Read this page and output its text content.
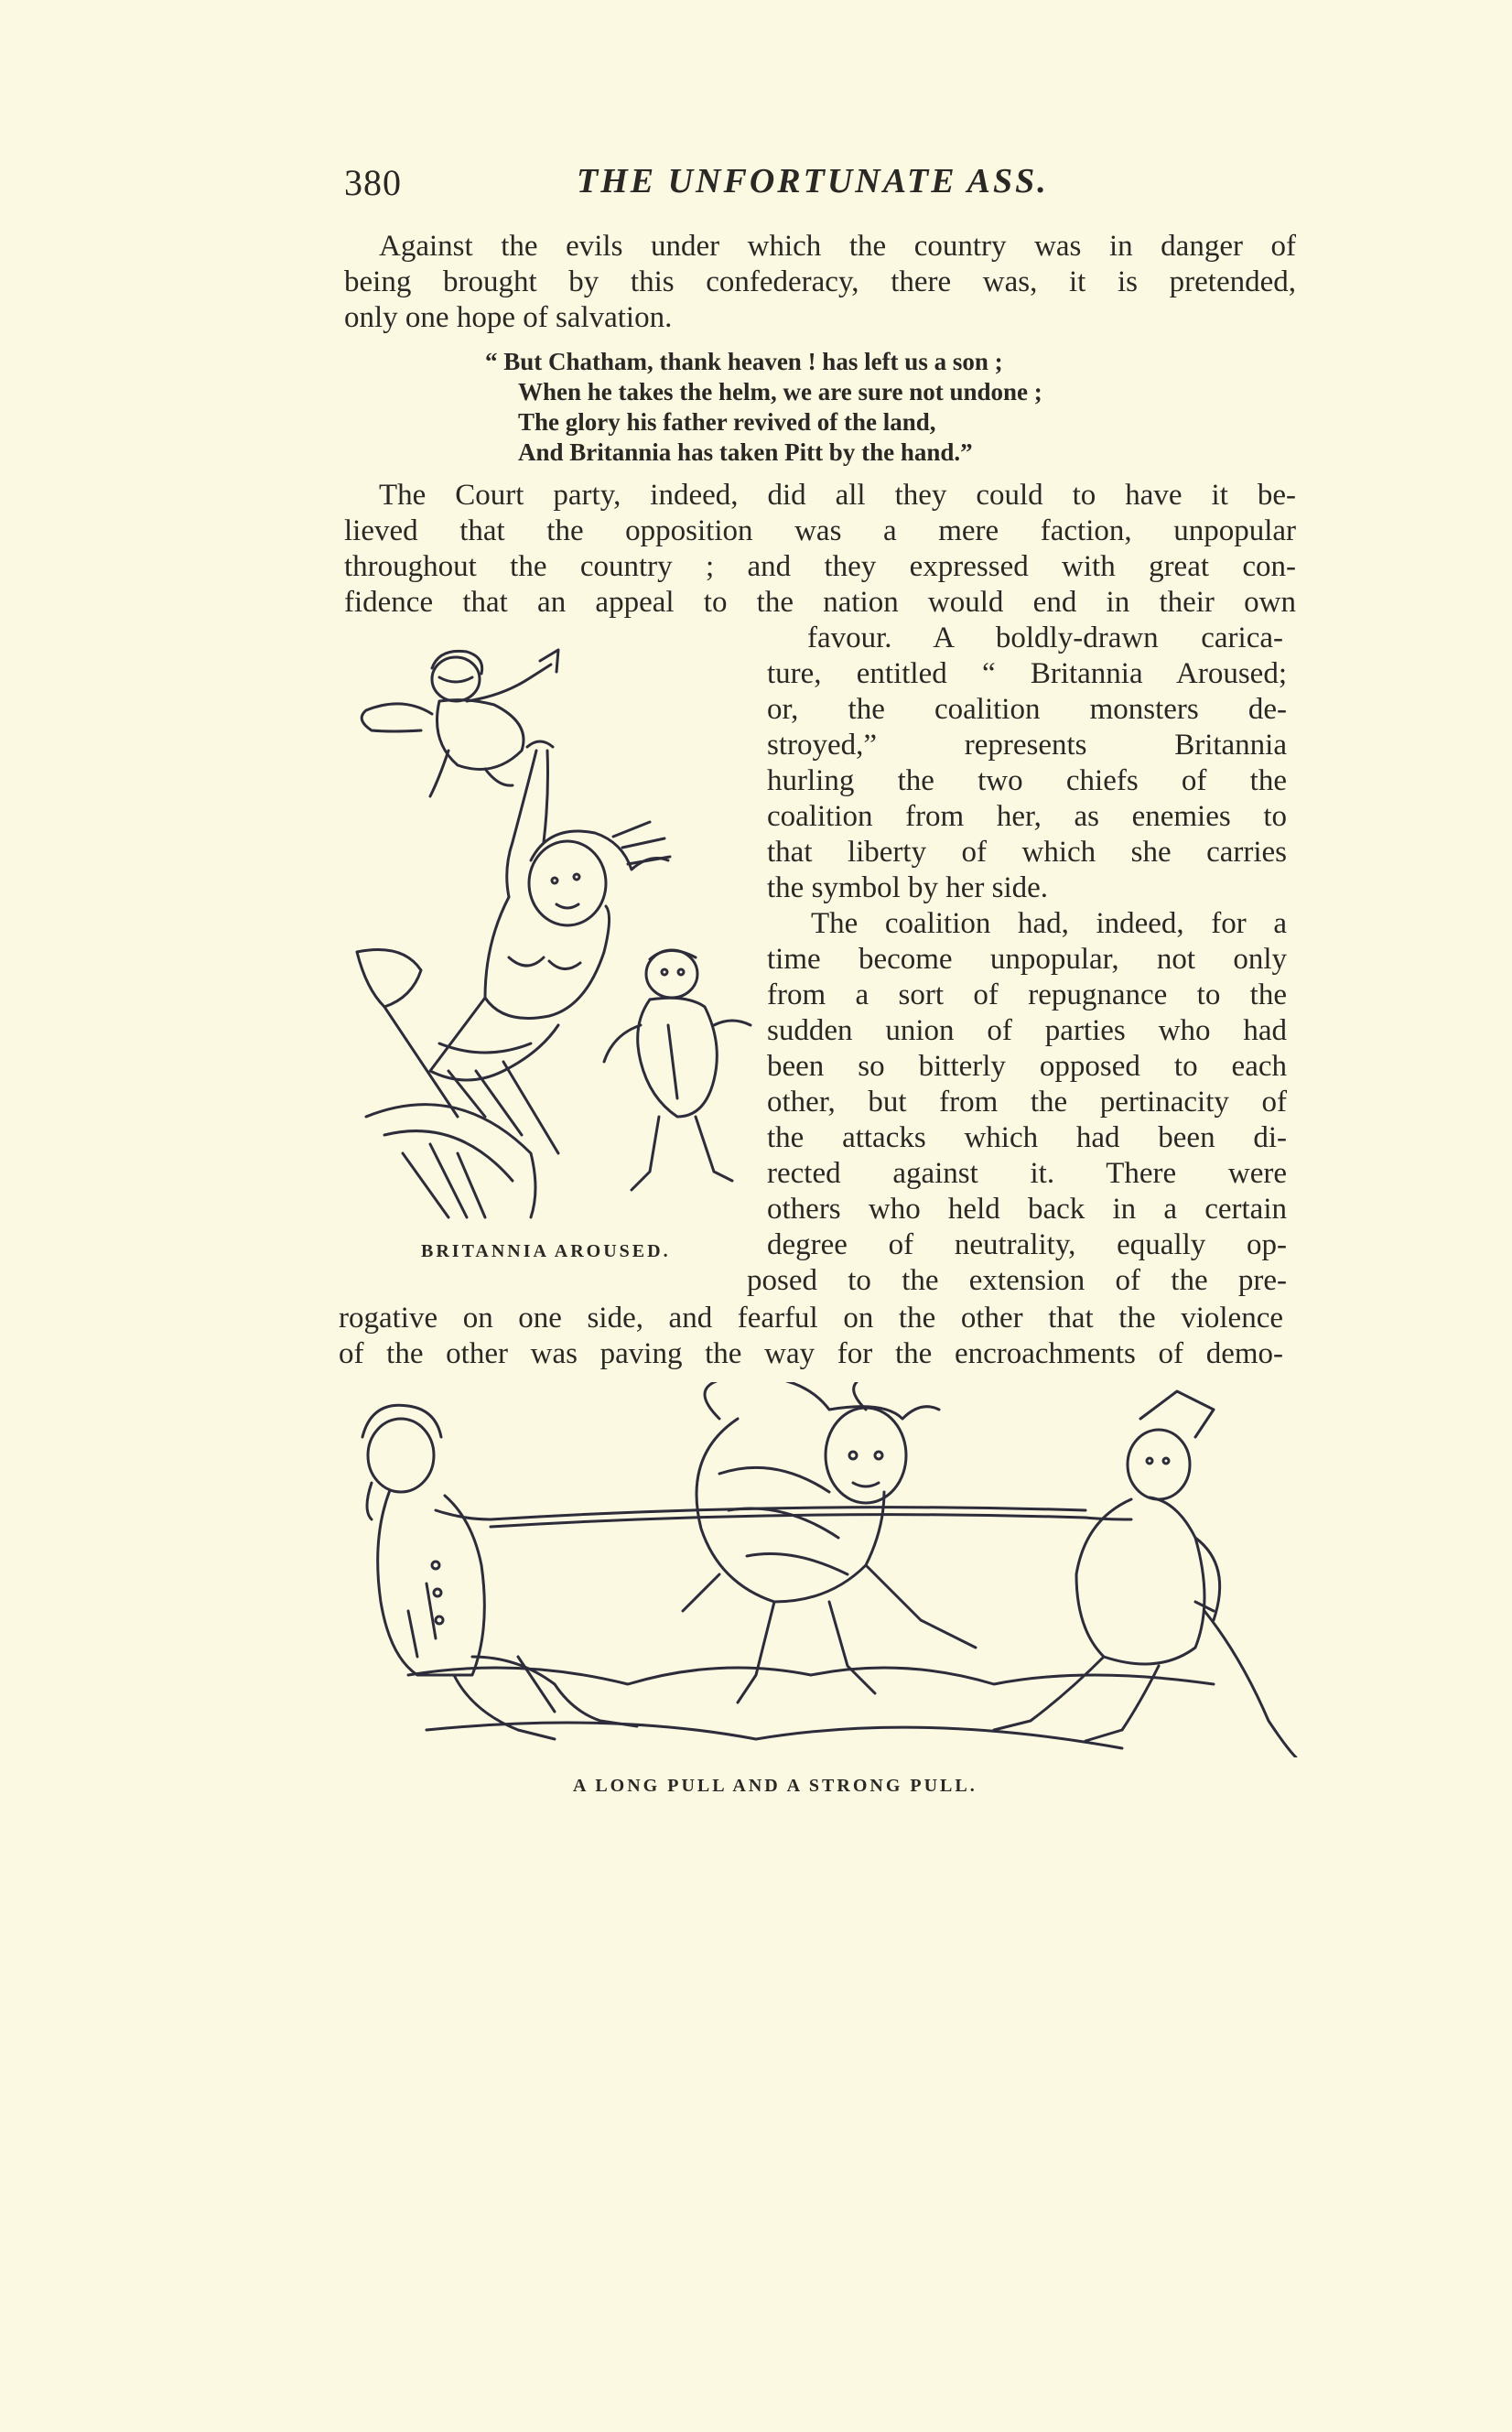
380	THE UNFORTUNATE ASS.
Against the evils under which the country was in danger of
being brought by this confederacy, there was, it is pretended,
only one hope of salvation.
“ But Chatham, thank heaven ! has left us a son ;
When he takes the helm, we are sure not undone ;
The glory his father revived of the land,
And Britannia has taken Pitt by the hand.”
The Court party, indeed, did all they could to have it be-
lieved that the opposition was a mere faction, unpopular
throughout the country ; and they expressed with great con-
fidence that an appeal to the nation would end in their own
favour. A boldly-drawn carica-
ture, entitled “ Britannia Aroused;
or, the coalition monsters de-
stroyed,” represents Britannia
hurling the two chiefs of the
coalition from her, as enemies to
that liberty of which she carries
the symbol by her side.
The coalition had, indeed, for a
time become unpopular, not only
from a sort of repugnance to the
sudden union of parties who had
been so bitterly opposed to each
other, but from the pertinacity of
the attacks which had been di-
rected against it. There were
others who held back in a certain
degree of neutrality, equally op-
posed to the extension of the pre-
rogative on one side, and fearful on the other that the violence
of the other was paving the way for the encroachments of demo-
BRITANNIA AROUSED.
A LONG PULL AND A STRONG PULL.
